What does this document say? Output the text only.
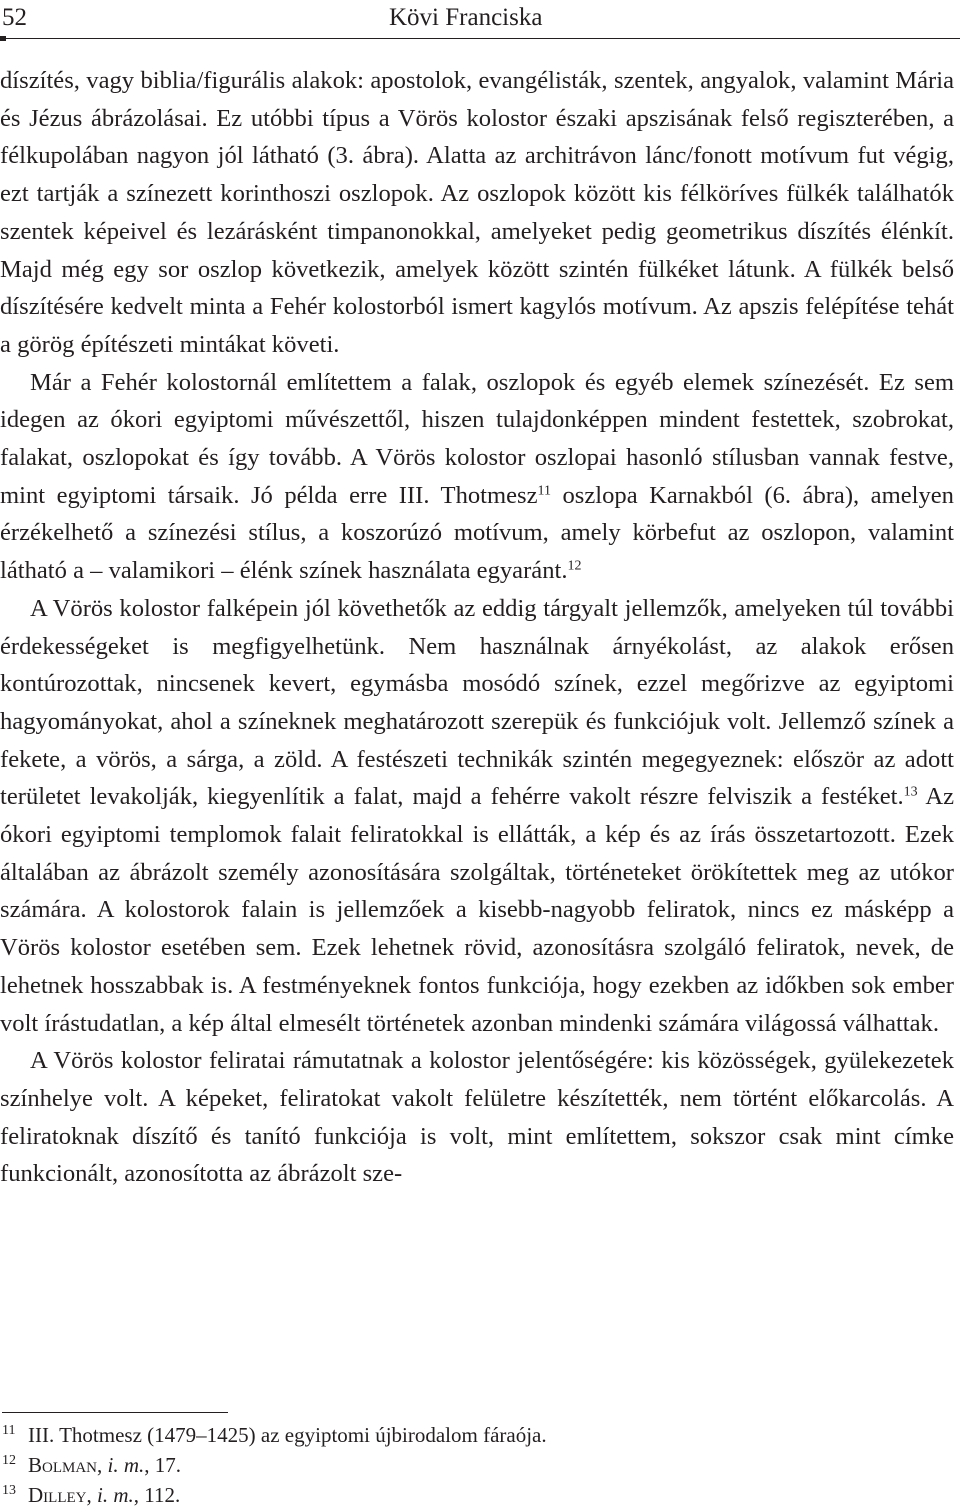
52	Kövi Franciska

díszítés, vagy biblia/figurális alakok: apostolok, evangélisták, szentek, angyalok, valamint Mária és Jézus ábrázolásai. Ez utóbbi típus a Vörös kolostor északi apszisának felső regiszterében, a félkupolában nagyon jól látható (3. ábra). Alatta az architrávon lánc/fonott motívum fut végig, ezt tartják a színezett korinthoszi oszlopok. Az oszlopok között kis félköríves fülkék találhatók szentek képeivel és lezárásként timpanonokkal, amelyeket pedig geometrikus díszítés élénkít. Majd még egy sor oszlop következik, amelyek között szintén fülkéket látunk. A fülkék belső díszítésére kedvelt minta a Fehér kolostorból ismert kagylós motívum. Az apszis felépítése tehát a görög építészeti mintákat követi.

Már a Fehér kolostornál említettem a falak, oszlopok és egyéb elemek színezését. Ez sem idegen az ókori egyiptomi művészettől, hiszen tulajdonképpen mindent festettek, szobrokat, falakat, oszlopokat és így tovább. A Vörös kolostor oszlopai hasonló stílusban vannak festve, mint egyiptomi társaik. Jó példa erre III. Thotmesz$^{11}$ oszlopa Karnakból (6. ábra), amelyen érzékelhető a színezési stílus, a koszorúzó motívum, amely körbefut az oszlopon, valamint látható a – valamikori – élénk színek használata egyaránt.$^{12}$

A Vörös kolostor falképein jól követhetők az eddig tárgyalt jellemzők, amelyeken túl további érdekességeket is megfigyelhetünk. Nem használnak árnyékolást, az alakok erősen kontúrozottak, nincsenek kevert, egymásba mosódó színek, ezzel megőrizve az egyiptomi hagyományokat, ahol a színeknek meghatározott szerepük és funkciójuk volt. Jellemző színek a fekete, a vörös, a sárga, a zöld. A festészeti technikák szintén megegyeznek: először az adott területet levakolják, kiegyenlítik a falat, majd a fehérre vakolt részre felviszik a festéket.$^{13}$ Az ókori egyiptomi templomok falait feliratokkal is ellátták, a kép és az írás összetartozott. Ezek általában az ábrázolt személy azonosítására szolgáltak, történeteket örökítettek meg az utókor számára. A kolostorok falain is jellemzőek a kisebb-nagyobb feliratok, nincs ez másképp a Vörös kolostor esetében sem. Ezek lehetnek rövid, azonosításra szolgáló feliratok, nevek, de lehetnek hosszabbak is. A festményeknek fontos funkciója, hogy ezekben az időkben sok ember volt írástudatlan, a kép által elmesélt történetek azonban mindenki számára világossá válhattak.

A Vörös kolostor feliratai rámutatnak a kolostor jelentőségére: kis közösségek, gyülekezetek színhelye volt. A képeket, feliratokat vakolt felületre készítették, nem történt előkarcolás. A feliratoknak díszítő és tanító funkciója is volt, mint említettem, sokszor csak mint címke funkcionált, azonosította az ábrázolt sze-

11 III. Thotmesz (1479–1425) az egyiptomi újbirodalom fáraója.
12 Bolman, i. m., 17.
13 Dilley, i. m., 112.
